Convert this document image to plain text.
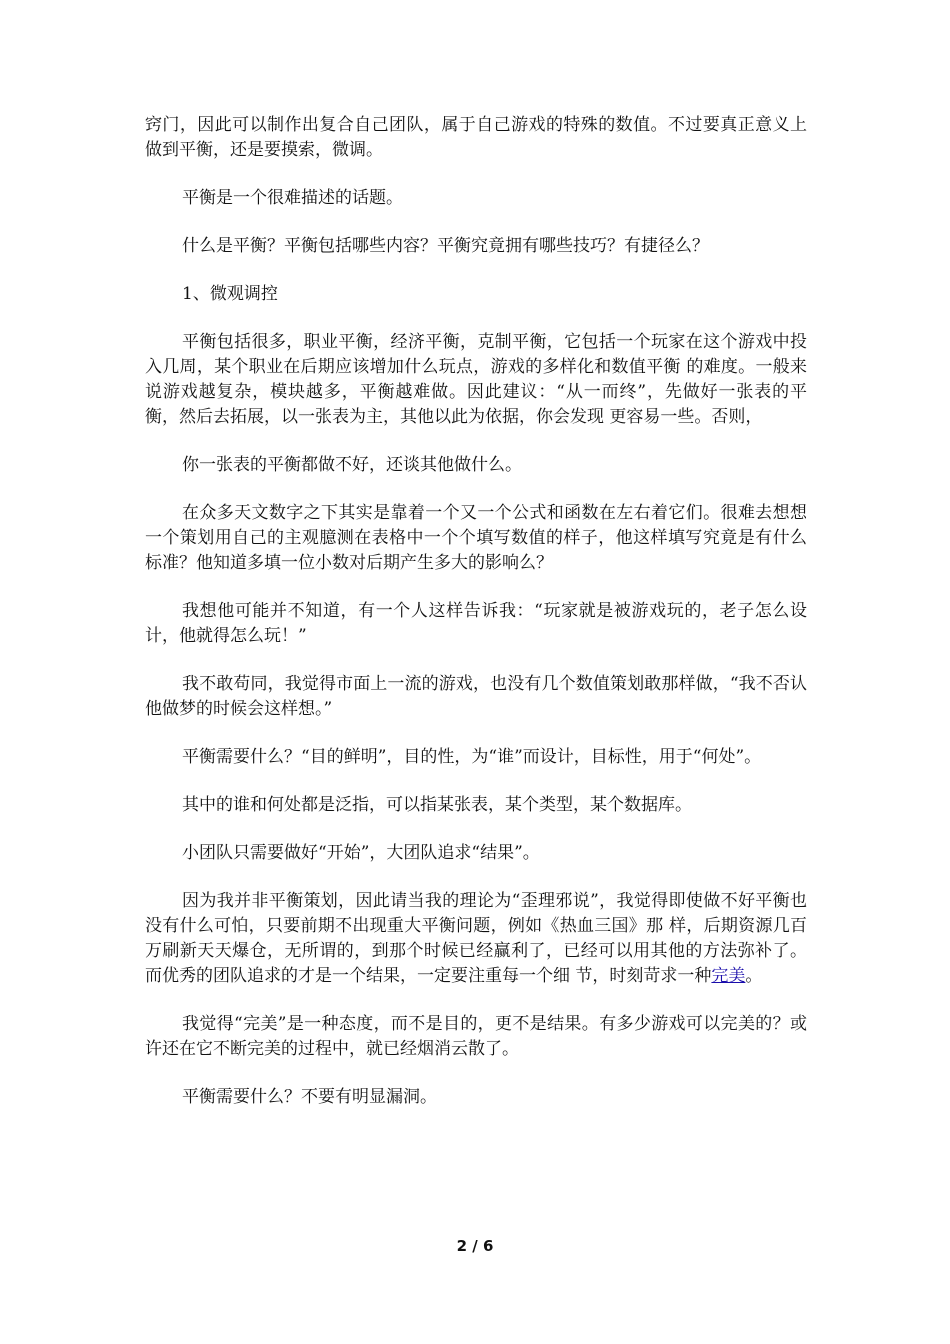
窍门，因此可以制作出复合自己团队，属于自己游戏的特殊的数值。不过要真正意义上做到平衡，还是要摸索，微调。

平衡是一个很难描述的话题。

什么是平衡？平衡包括哪些内容？平衡究竟拥有哪些技巧？有捷径么？

1、微观调控

平衡包括很多，职业平衡，经济平衡，克制平衡，它包括一个玩家在这个游戏中投入几周，某个职业在后期应该增加什么玩点，游戏的多样化和数值平衡 的难度。一般来说游戏越复杂，模块越多，平衡越难做。因此建议：“从一而终”，先做好一张表的平衡，然后去拓展，以一张表为主，其他以此为依据，你会发现 更容易一些。否则，

你一张表的平衡都做不好，还谈其他做什么。

在众多天文数字之下其实是靠着一个又一个公式和函数在左右着它们。很难去想想一个策划用自己的主观臆测在表格中一个个填写数值的样子，他这样填写究竟是有什么标准？他知道多填一位小数对后期产生多大的影响么？

我想他可能并不知道，有一个人这样告诉我：“玩家就是被游戏玩的，老子怎么设计，他就得怎么玩！”

我不敢苟同，我觉得市面上一流的游戏，也没有几个数值策划敢那样做，“我不否认他做梦的时候会这样想。”

平衡需要什么？“目的鲜明”，目的性，为“谁”而设计，目标性，用于“何处”。

其中的谁和何处都是泛指，可以指某张表，某个类型，某个数据库。

小团队只需要做好“开始”，大团队追求“结果”。

因为我并非平衡策划，因此请当我的理论为“歪理邪说”，我觉得即使做不好平衡也没有什么可怕，只要前期不出现重大平衡问题，例如《热血三国》那 样，后期资源几百万刷新天天爆仓，无所谓的，到那个时候已经赢利了，已经可以用其他的方法弥补了。而优秀的团队追求的才是一个结果，一定要注重每一个细 节，时刻苛求一种完美。

我觉得“完美”是一种态度，而不是目的，更不是结果。有多少游戏可以完美的？或许还在它不断完美的过程中，就已经烟消云散了。

平衡需要什么？不要有明显漏洞。

2 / 6
